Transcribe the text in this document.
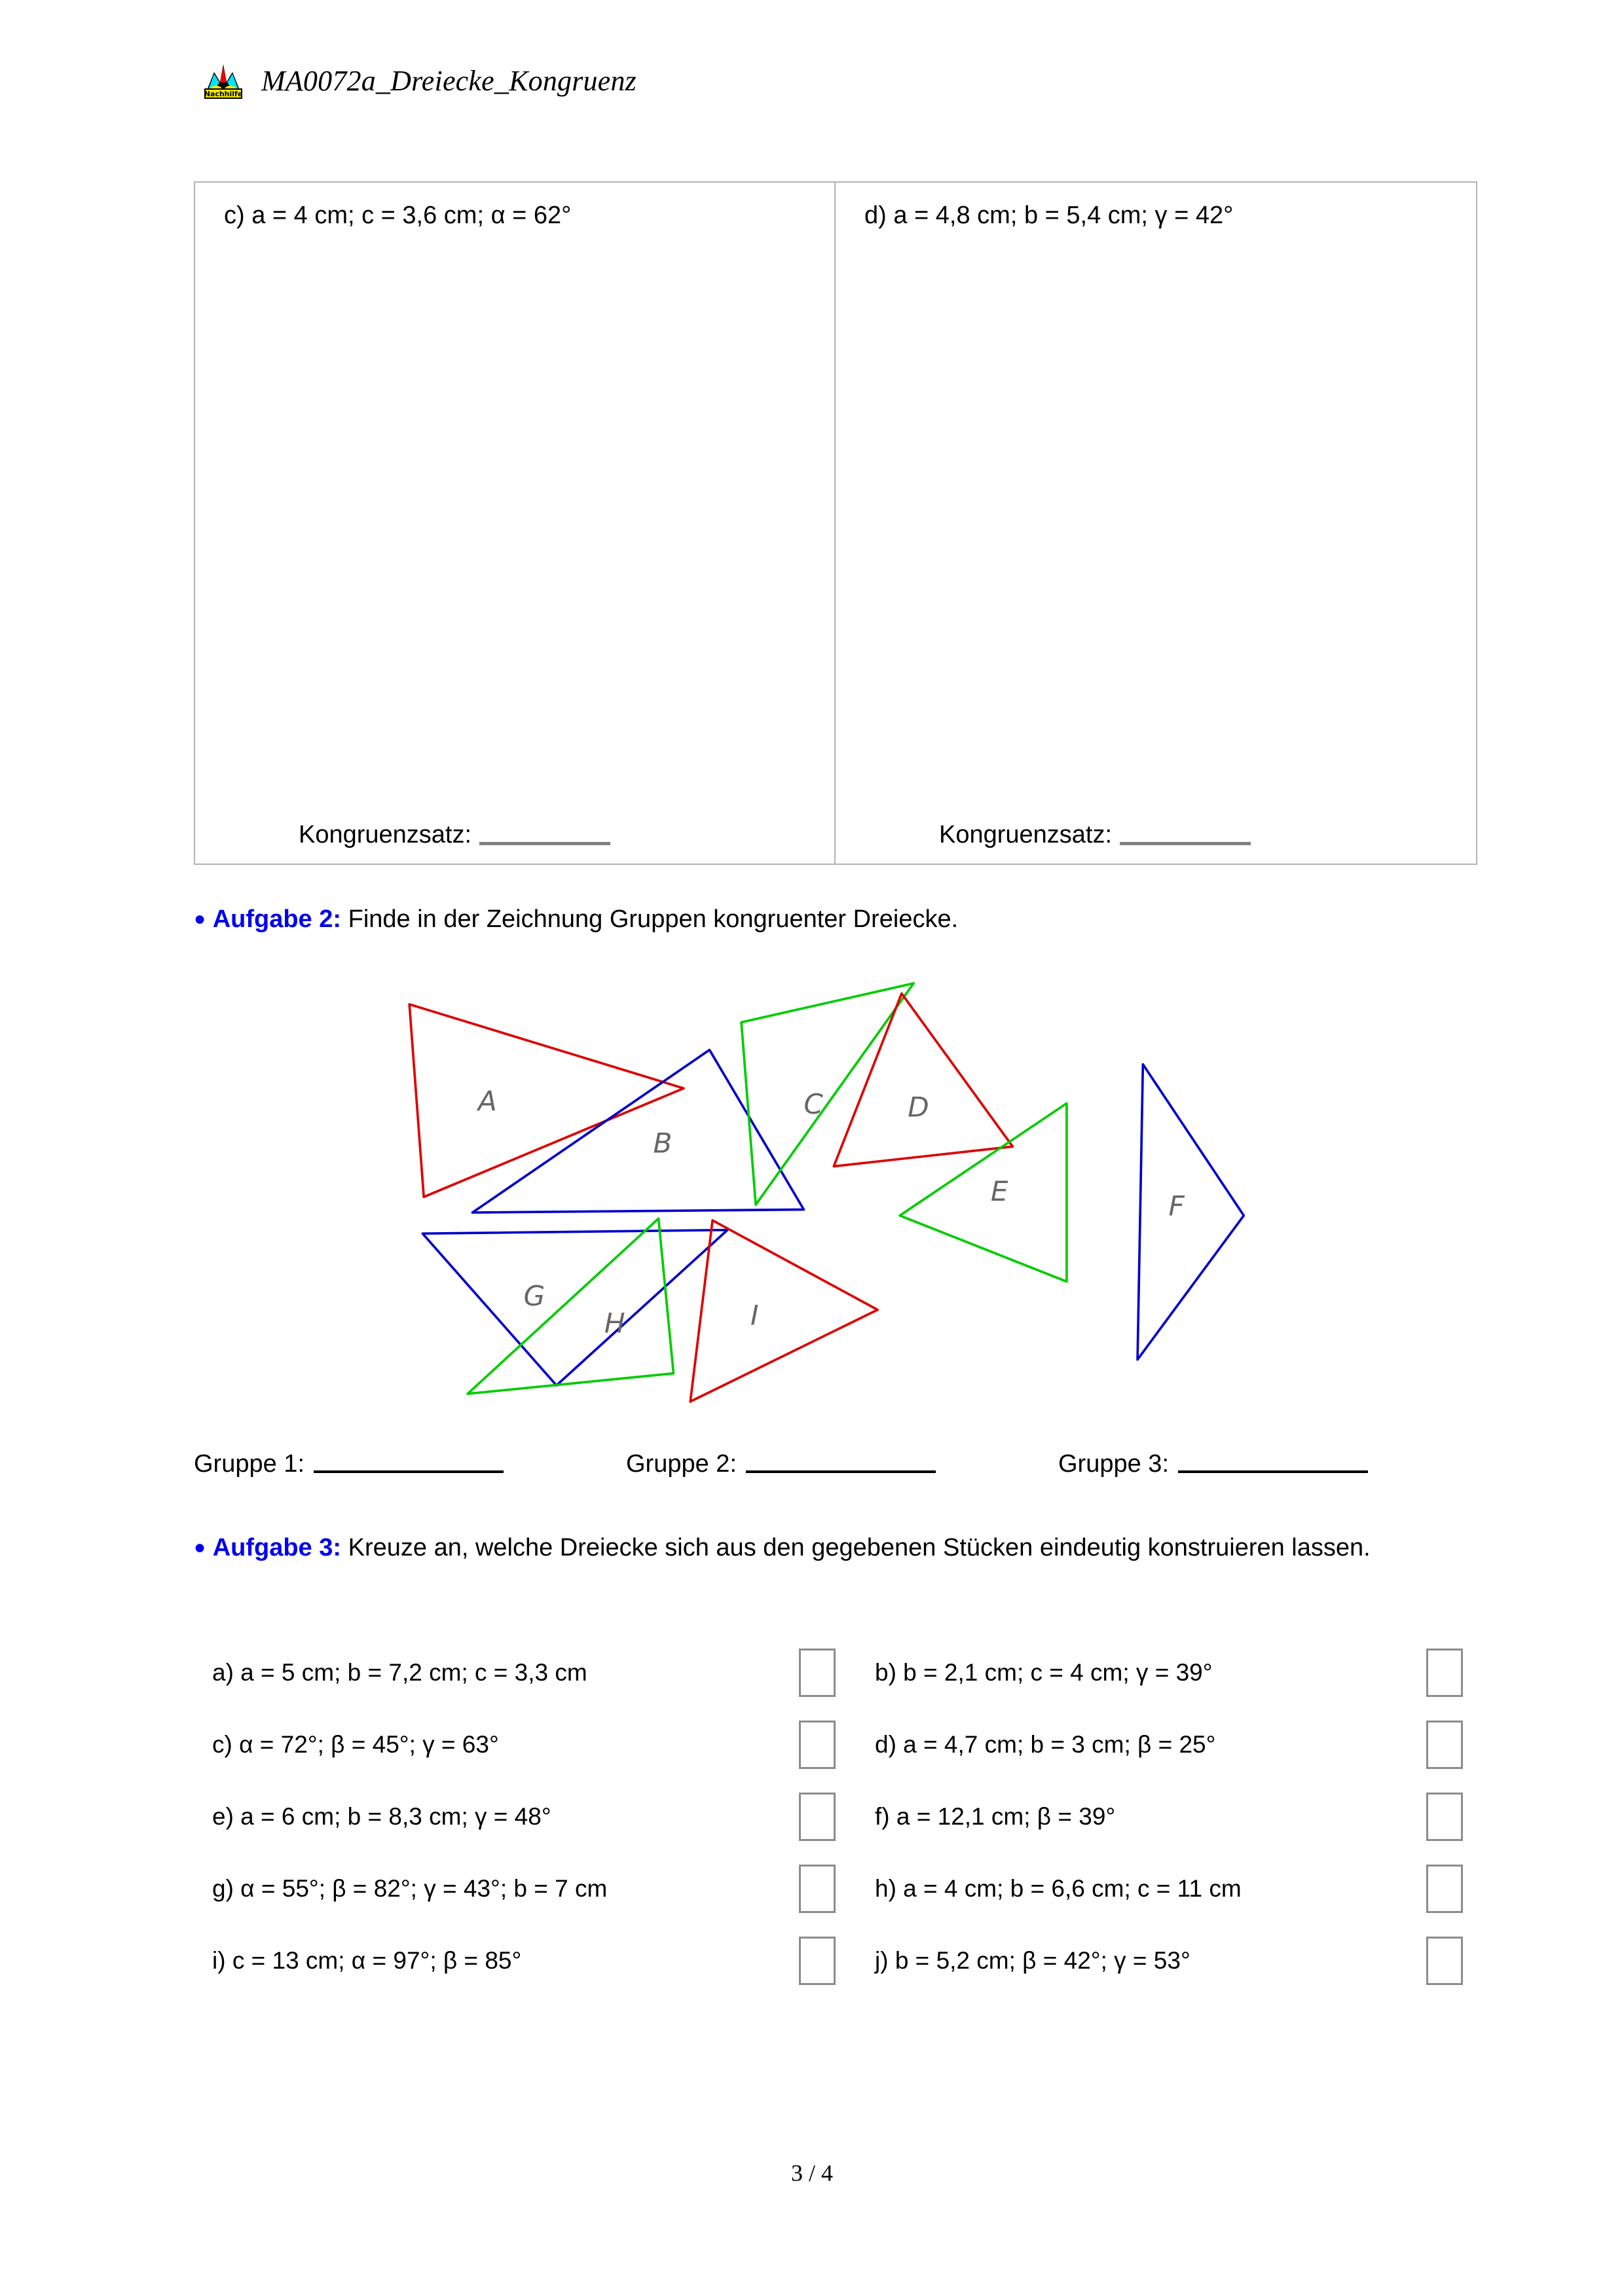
Nachhilfe MA0072a_Dreiecke_Kongruenz
c) a = 4 cm; c = 3,6 cm; α = 62°
Kongruenzsatz:
d) a = 4,8 cm; b = 5,4 cm; γ = 42°
Kongruenzsatz:
● Aufgabe 2: Finde in der Zeichnung Gruppen kongruenter Dreiecke.
A
B
C	D
E	F
G
H	I
Gruppe 1:	Gruppe 2:	Gruppe 3:
● Aufgabe 3: Kreuze an, welche Dreiecke sich aus den gegebenen Stücken eindeutig konstruieren lassen.
a) a = 5 cm; b = 7,2 cm; c = 3,3 cm	b) b = 2,1 cm; c = 4 cm; γ = 39°
c) α = 72°; β = 45°; γ = 63°	d) a = 4,7 cm; b = 3 cm; β = 25°
e) a = 6 cm; b = 8,3 cm; γ = 48°	f) a = 12,1 cm; β = 39°
g) α = 55°; β = 82°; γ = 43°; b = 7 cm	h) a = 4 cm; b = 6,6 cm; c = 11 cm
i) c = 13 cm; α = 97°; β = 85°	j) b = 5,2 cm; β = 42°; γ = 53°
3 / 4
